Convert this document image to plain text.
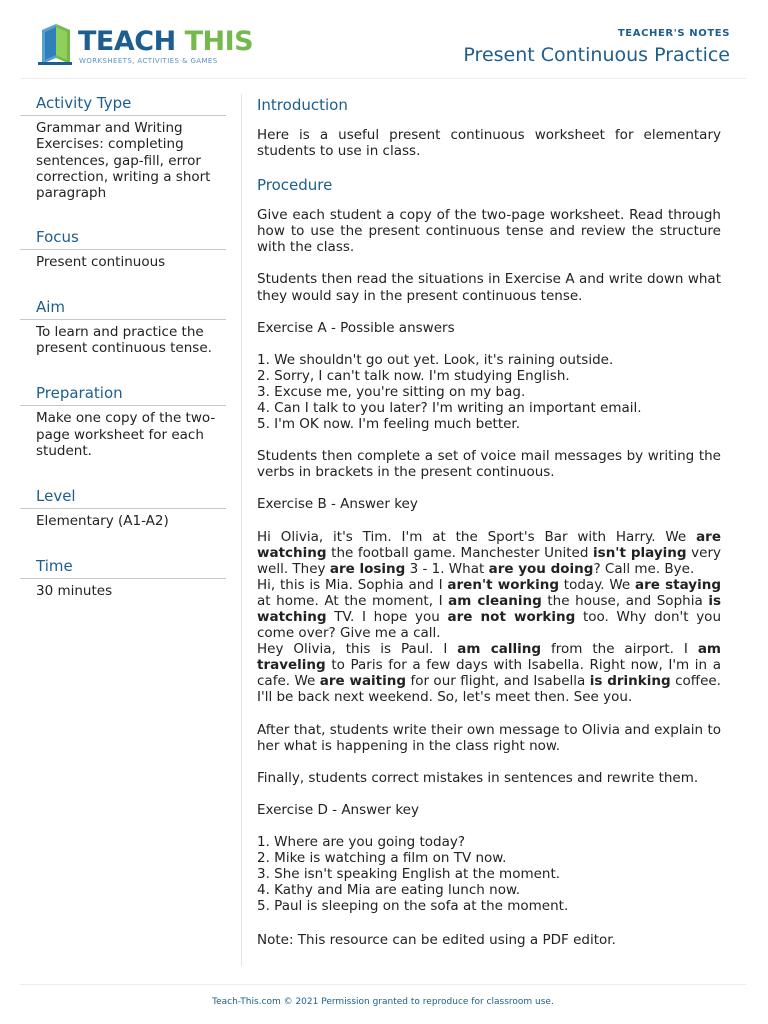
TEACH THIS
WORKSHEETS, ACTIVITIES & GAMES
TEACHER'S NOTES
Present Continuous Practice
Activity Type
Grammar and Writing Exercises: completing sentences, gap-fill, error correction, writing a short paragraph
Focus
Present continuous
Aim
To learn and practice the present continuous tense.
Preparation
Make one copy of the two-page worksheet for each student.
Level
Elementary (A1-A2)
Time
30 minutes
Introduction

Here is a useful present continuous worksheet for elementary students to use in class.

Procedure

Give each student a copy of the two-page worksheet. Read through how to use the present continuous tense and review the structure with the class.

Students then read the situations in Exercise A and write down what they would say in the present continuous tense.

Exercise A - Possible answers

1. We shouldn't go out yet. Look, it's raining outside.
2. Sorry, I can't talk now. I'm studying English.
3. Excuse me, you're sitting on my bag.
4. Can I talk to you later? I'm writing an important email.
5. I'm OK now. I'm feeling much better.

Students then complete a set of voice mail messages by writing the verbs in brackets in the present continuous.

Exercise B - Answer key

Hi Olivia, it's Tim. I'm at the Sport's Bar with Harry. We are watching the football game. Manchester United isn't playing very well. They are losing 3 - 1. What are you doing? Call me. Bye.

Hi, this is Mia. Sophia and I aren't working today. We are staying at home. At the moment, I am cleaning the house, and Sophia is watching TV. I hope you are not working too. Why don't you come over? Give me a call.

Hey Olivia, this is Paul. I am calling from the airport. I am traveling to Paris for a few days with Isabella. Right now, I'm in a cafe. We are waiting for our flight, and Isabella is drinking coffee. I'll be back next weekend. So, let's meet then. See you.

After that, students write their own message to Olivia and explain to her what is happening in the class right now.

Finally, students correct mistakes in sentences and rewrite them.

Exercise D - Answer key

1. Where are you going today?
2. Mike is watching a film on TV now.
3. She isn't speaking English at the moment.
4. Kathy and Mia are eating lunch now.
5. Paul is sleeping on the sofa at the moment.

Note: This resource can be edited using a PDF editor.

Teach-This.com © 2021 Permission granted to reproduce for classroom use.
